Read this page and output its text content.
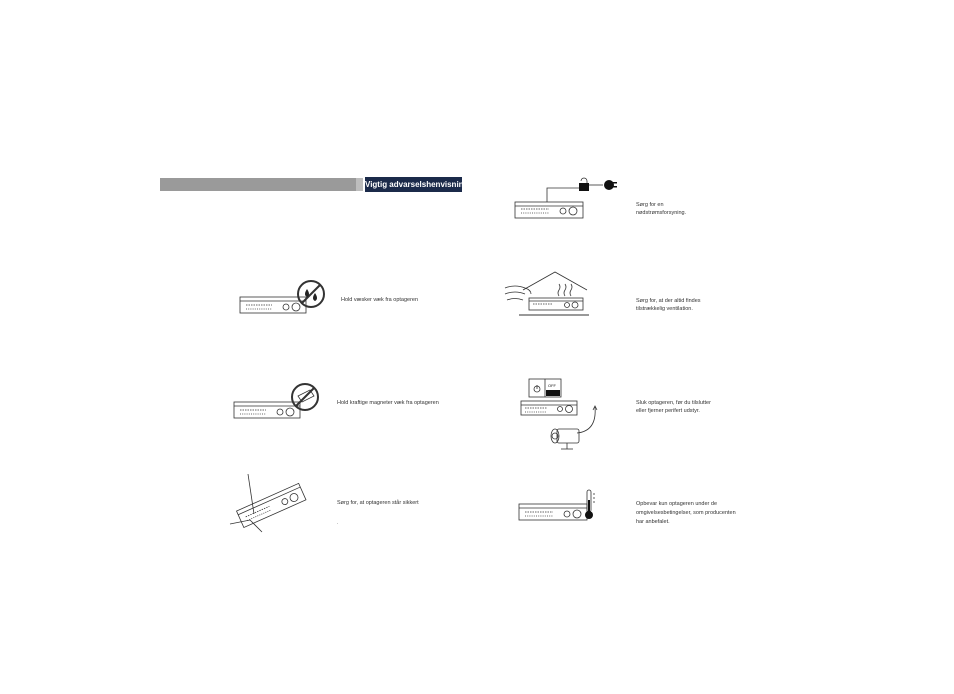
Vigtig advarselshenvisning
Hold væsker væk fra optageren
Hold kraftige magneter væk fra optageren
Sørg for, at optageren står sikkert
.
Sørg for en
nødstrømsforsyning.
Sørg for, at der altid findes
tilstrækkelig ventilation.
OFF
Sluk optageren, før du tilslutter
eller fjerner perifert udstyr.
Opbevar kun optageren under de
omgivelsesbetingelser, som producenten
har anbefalet.
